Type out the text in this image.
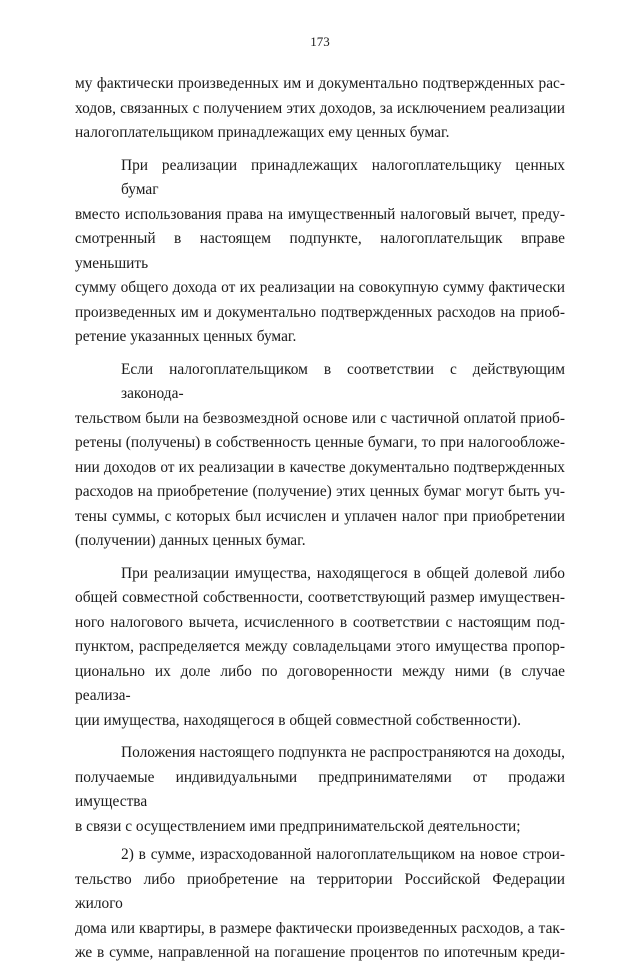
173
му фактически произведенных им и документально подтвержденных рас-
ходов, связанных с получением этих доходов, за исключением реализации
налогоплательщиком принадлежащих ему ценных бумаг.
При реализации принадлежащих налогоплательщику ценных бумаг
вместо использования права на имущественный налоговый вычет, преду-
смотренный в настоящем подпункте, налогоплательщик вправе уменьшить
сумму общего дохода от их реализации на совокупную сумму фактически
произведенных им и документально подтвержденных расходов на приоб-
ретение указанных ценных бумаг.
Если налогоплательщиком в соответствии с действующим законода-
тельством были на безвозмездной основе или с частичной оплатой приоб-
ретены (получены) в собственность ценные бумаги, то при налогообложе-
нии доходов от их реализации в качестве документально подтвержденных
расходов на приобретение (получение) этих ценных бумаг могут быть уч-
тены суммы, с которых был исчислен и уплачен налог при приобретении
(получении) данных ценных бумаг.
При реализации имущества, находящегося в общей долевой либо
общей совместной собственности, соответствующий размер имуществен-
ного налогового вычета, исчисленного в соответствии с настоящим под-
пунктом, распределяется между совладельцами этого имущества пропор-
ционально их доле либо по договоренности между ними (в случае реализа-
ции имущества, находящегося в общей совместной собственности).
Положения настоящего подпункта не распространяются на доходы,
получаемые индивидуальными предпринимателями от продажи имущества
в связи с осуществлением ими предпринимательской деятельности;
2) в сумме, израсходованной налогоплательщиком на новое строи-
тельство либо приобретение на территории Российской Федерации жилого
дома или квартиры, в размере фактически произведенных расходов, а так-
же в сумме, направленной на погашение процентов по ипотечным креди-
